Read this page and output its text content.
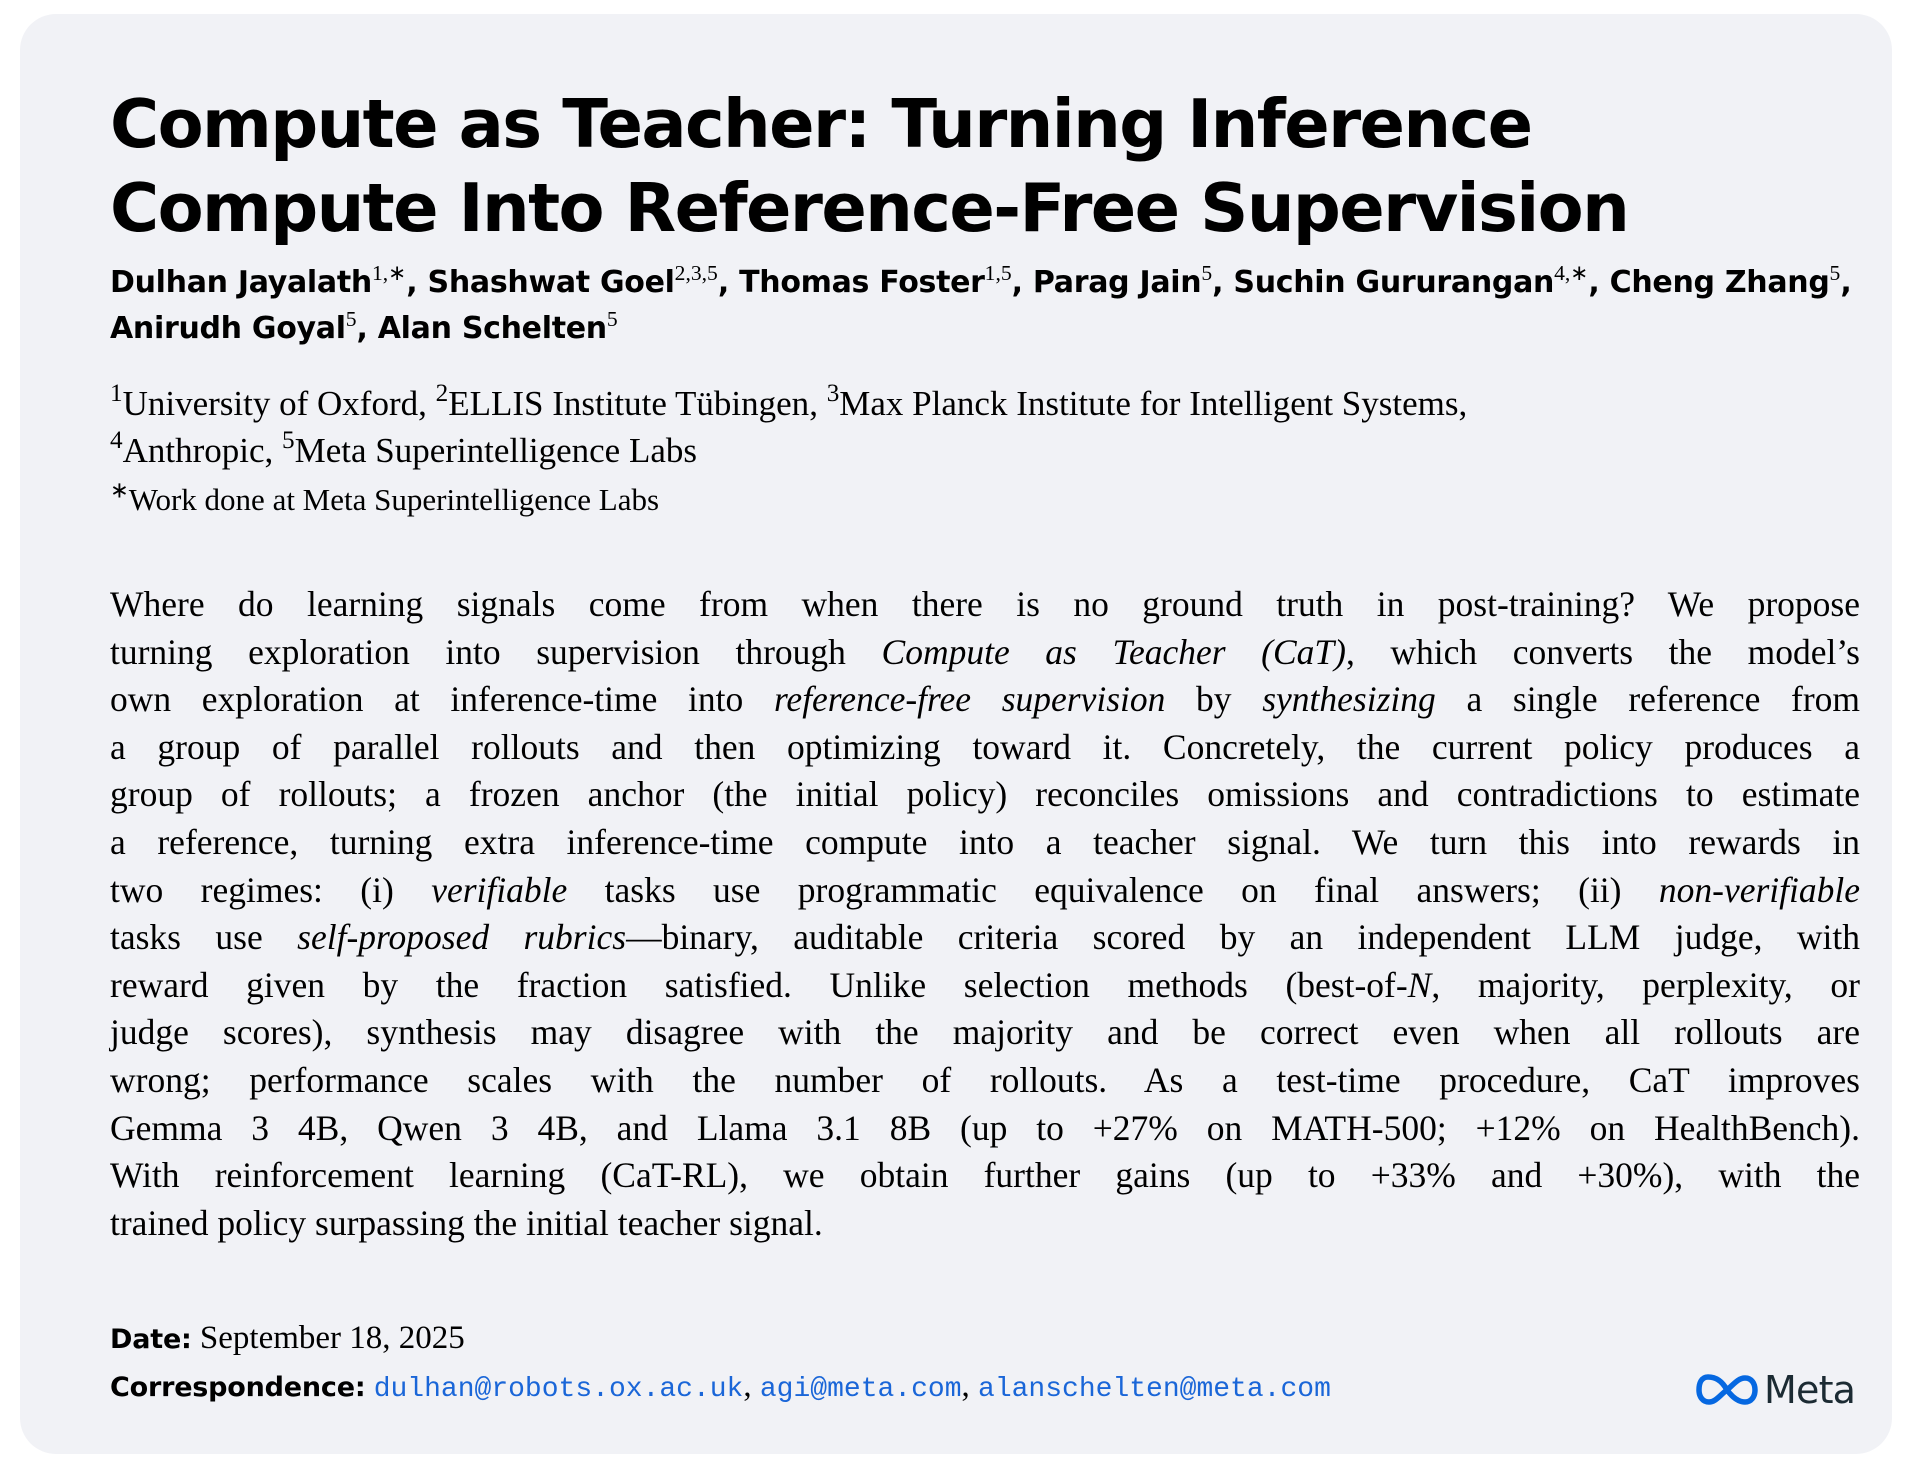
Compute as Teacher: Turning Inference
Compute Into Reference-Free Supervision
Dulhan Jayalath$^{1,∗}$, Shashwat Goel$^{2,3,5}$, Thomas Foster$^{1,5}$, Parag Jain$^5$, Suchin Gururangan$^{4,∗}$, Cheng Zhang$^5$, Anirudh Goyal$^5$, Alan Schelten$^5$
$^1$University of Oxford, $^2$ELLIS Institute Tübingen, $^3$Max Planck Institute for Intelligent Systems,
$^4$Anthropic, $^5$Meta Superintelligence Labs
∗Work done at Meta Superintelligence Labs

Where do learning signals come from when there is no ground truth in post-training? We propose
turning exploration into supervision through Compute as Teacher (CaT), which converts the model’s
own exploration at inference-time into reference-free supervision by synthesizing a single reference from
a group of parallel rollouts and then optimizing toward it. Concretely, the current policy produces a
group of rollouts; a frozen anchor (the initial policy) reconciles omissions and contradictions to estimate
a reference, turning extra inference-time compute into a teacher signal. We turn this into rewards in
two regimes: (i) verifiable tasks use programmatic equivalence on final answers; (ii) non-verifiable
tasks use self-proposed rubrics—binary, auditable criteria scored by an independent LLM judge, with
reward given by the fraction satisfied. Unlike selection methods (best-of-N, majority, perplexity, or
judge scores), synthesis may disagree with the majority and be correct even when all rollouts are
wrong; performance scales with the number of rollouts. As a test-time procedure, CaT improves
Gemma 3 4B, Qwen 3 4B, and Llama 3.1 8B (up to +27% on MATH-500; +12% on HealthBench).
With reinforcement learning (CaT-RL), we obtain further gains (up to +33% and +30%), with the
trained policy surpassing the initial teacher signal.

Date: September 18, 2025
Correspondence: dulhan@robots.ox.ac.uk, agi@meta.com, alanschelten@meta.com	Meta
